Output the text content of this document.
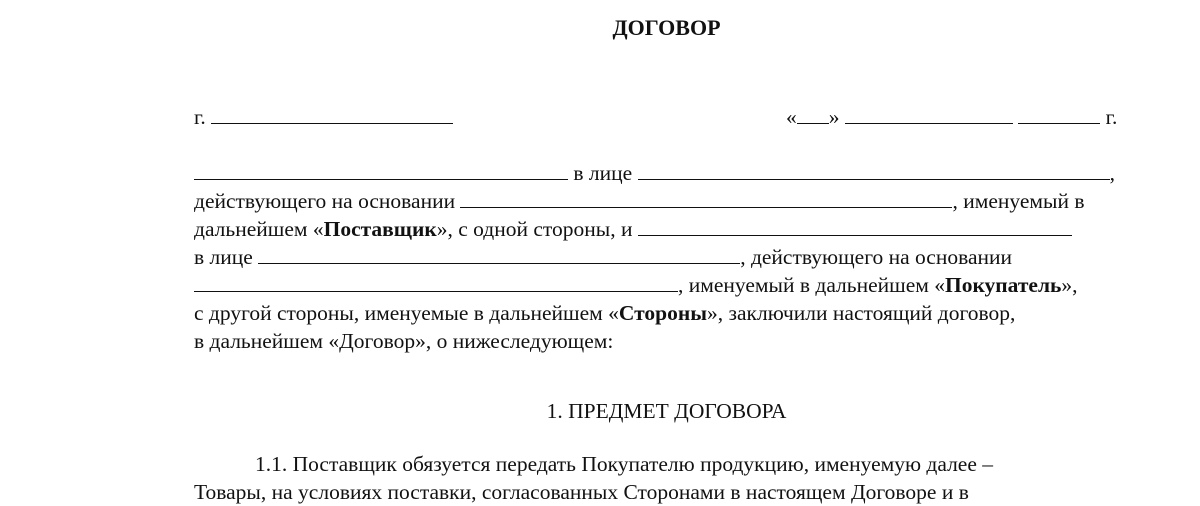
ДОГОВОР
г.	« »	г.
в лице	,
действующего на основании	, именуемый в
дальнейшем «Поставщик», с одной стороны, и
в лице	, действующего на основании
, именуемый в дальнейшем «Покупатель»,
с другой стороны, именуемые в дальнейшем «Стороны», заключили настоящий договор,
в дальнейшем «Договор», о нижеследующем:
1. ПРЕДМЕТ ДОГОВОРА
1.1. Поставщик обязуется передать Покупателю продукцию, именуемую далее –
Товары, на условиях поставки, согласованных Сторонами в настоящем Договоре и в
